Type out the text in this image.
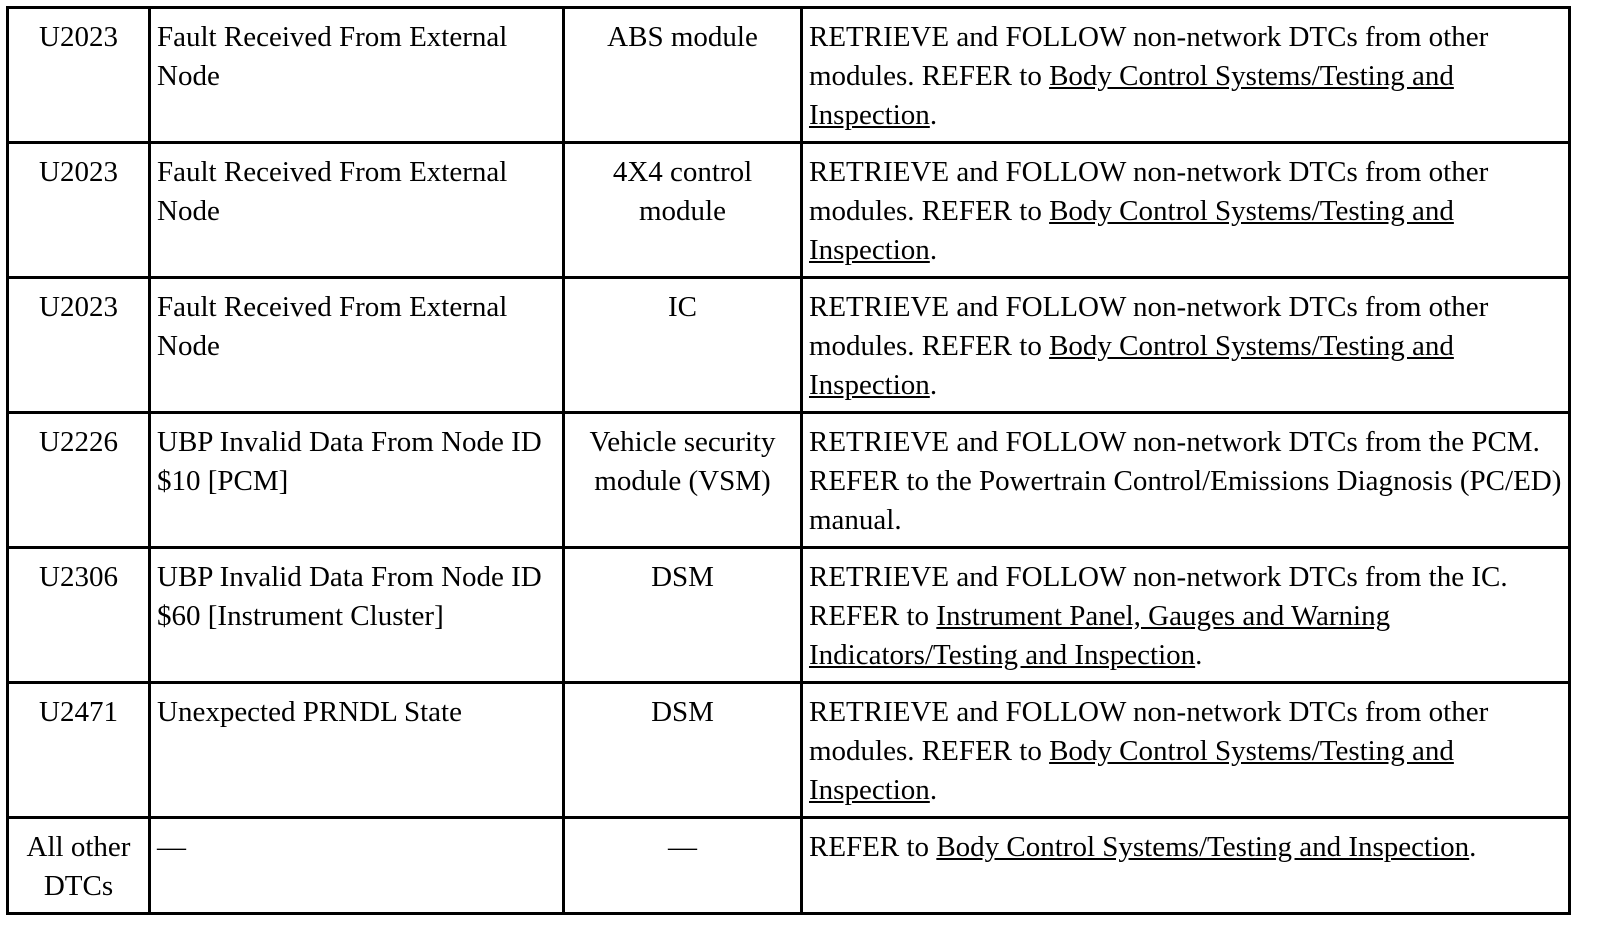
U2023	Fault Received From External Node	ABS module	RETRIEVE and FOLLOW non-network DTCs from other modules. REFER to Body Control Systems/Testing and Inspection.
U2023	Fault Received From External Node	4X4 control module	RETRIEVE and FOLLOW non-network DTCs from other modules. REFER to Body Control Systems/Testing and Inspection.
U2023	Fault Received From External Node	IC	RETRIEVE and FOLLOW non-network DTCs from other modules. REFER to Body Control Systems/Testing and Inspection.
U2226	UBP Invalid Data From Node ID $10 [PCM]	Vehicle security module (VSM)	RETRIEVE and FOLLOW non-network DTCs from the PCM. REFER to the Powertrain Control/Emissions Diagnosis (PC/ED) manual.
U2306	UBP Invalid Data From Node ID $60 [Instrument Cluster]	DSM	RETRIEVE and FOLLOW non-network DTCs from the IC. REFER to Instrument Panel, Gauges and Warning Indicators/Testing and Inspection.
U2471	Unexpected PRNDL State	DSM	RETRIEVE and FOLLOW non-network DTCs from other modules. REFER to Body Control Systems/Testing and Inspection.
All other DTCs	—	—	REFER to Body Control Systems/Testing and Inspection.
